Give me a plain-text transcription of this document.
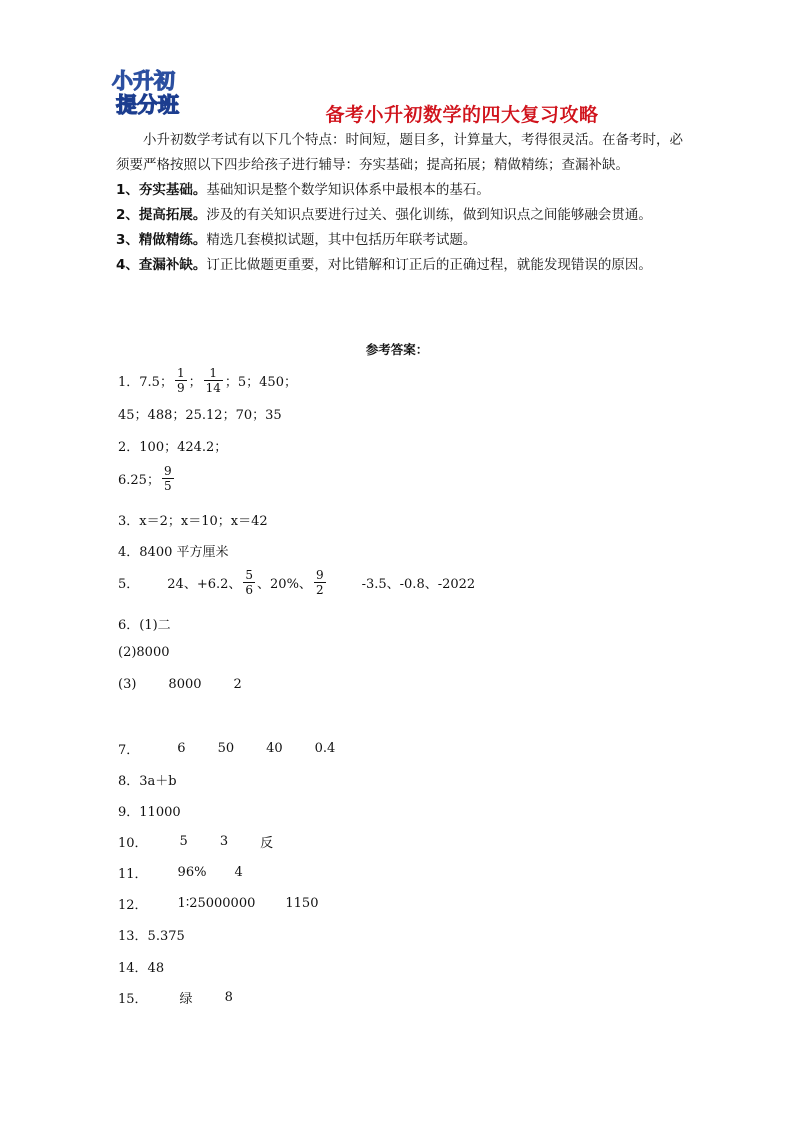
小升初
提分班	备考小升初数学的四大复习攻略

小升初数学考试有以下几个特点：时间短，题目多，计算量大，考得很灵活。在备考时，必须要严格按照以下四步给孩子进行辅导：夯实基础；提高拓展；精做精练；查漏补缺。

1、夯实基础。基础知识是整个数学知识体系中最根本的基石。

2、提高拓展。涉及的有关知识点要进行过关、强化训练，做到知识点之间能够融会贯通。

3、精做精练。精选几套模拟试题，其中包括历年联考试题。

4、查漏补缺。订正比做题更重要，对比错解和订正后的正确过程，就能发现错误的原因。

参考答案：
1．7.5； $\frac{1}{9}$ ； $\frac{1}{14}$ ；5；450；
45；488；25.12；70；35
2．100；424.2；
6.25； $\frac{9}{5}$
3．x＝2；x＝10；x＝42
4．8400 平方厘米
5． 24、+6.2、 $\frac{5}{6}$ 、20%、 $\frac{9}{2}$	-3.5、-0.8、-2022
6．(1)二
(2)8000
(3) 8000 2
7．	6 50 40 0.4
8．3a＋b
9．11000
10． 5 3 反
11． 96% 4
12． 1∶25000000 1150
13．5.375
14．48
15． 绿 8
